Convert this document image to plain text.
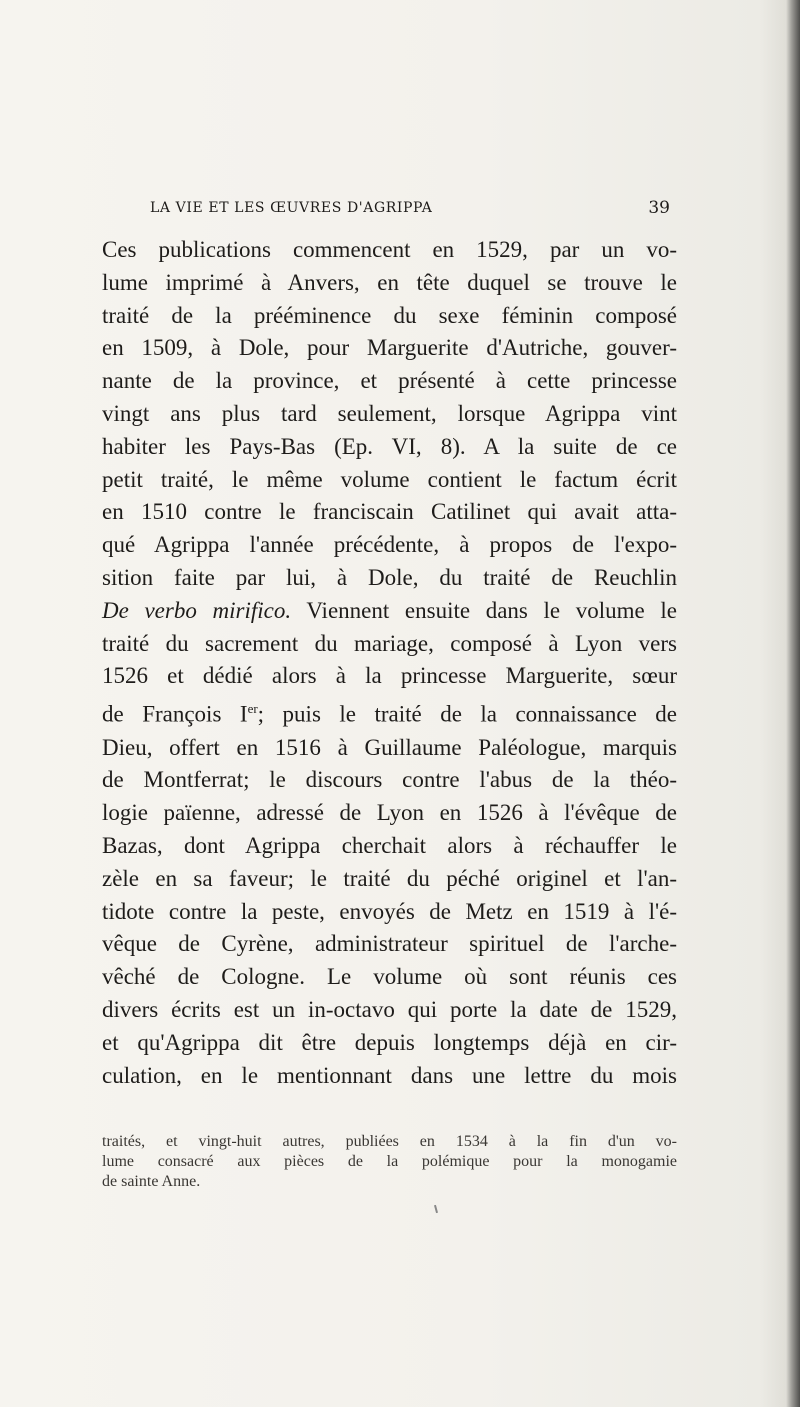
LA VIE ET LES ŒUVRES D'AGRIPPA	39
Ces publications commencent en 1529, par un vo-
lume imprimé à Anvers, en tête duquel se trouve le
traité de la prééminence du sexe féminin composé
en 1509, à Dole, pour Marguerite d'Autriche, gouver-
nante de la province, et présenté à cette princesse
vingt ans plus tard seulement, lorsque Agrippa vint
habiter les Pays-Bas (Ep. VI, 8). A la suite de ce
petit traité, le même volume contient le factum écrit
en 1510 contre le franciscain Catilinet qui avait atta-
qué Agrippa l'année précédente, à propos de l'expo-
sition faite par lui, à Dole, du traité de Reuchlin
De verbo mirifico. Viennent ensuite dans le volume le
traité du sacrement du mariage, composé à Lyon vers
1526 et dédié alors à la princesse Marguerite, sœur
de François Ier; puis le traité de la connaissance de
Dieu, offert en 1516 à Guillaume Paléologue, marquis
de Montferrat; le discours contre l'abus de la théo-
logie païenne, adressé de Lyon en 1526 à l'évêque de
Bazas, dont Agrippa cherchait alors à réchauffer le
zèle en sa faveur; le traité du péché originel et l'an-
tidote contre la peste, envoyés de Metz en 1519 à l'é-
vêque de Cyrène, administrateur spirituel de l'arche-
vêché de Cologne. Le volume où sont réunis ces
divers écrits est un in-octavo qui porte la date de 1529,
et qu'Agrippa dit être depuis longtemps déjà en cir-
culation, en le mentionnant dans une lettre du mois
traités, et vingt-huit autres, publiées en 1534 à la fin d'un vo-
lume consacré aux pièces de la polémique pour la monogamie
de sainte Anne.
